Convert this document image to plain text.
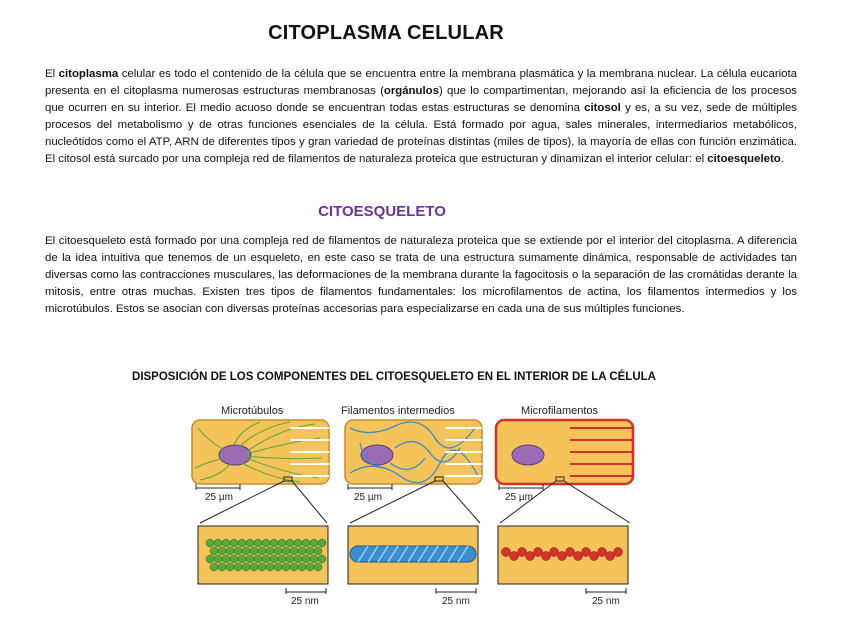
CITOPLASMA CELULAR
El citoplasma celular es todo el contenido de la célula que se encuentra entre la membrana plasmática y la membrana nuclear. La célula eucariota presenta en el citoplasma numerosas estructuras membranosas (orgánulos) que lo compartimentan, mejorando así la eficiencia de los procesos que ocurren en su interior. El medio acuoso donde se encuentran todas estas estructuras se denomina citosol y es, a su vez, sede de múltiples procesos del metabolismo y de otras funciones esenciales de la célula. Está formado por agua, sales minerales, intermediarios metabólicos, nucleótidos como el ATP, ARN de diferentes tipos y gran variedad de proteínas distintas (miles de tipos), la mayoría de ellas con función enzimática. El citosol está surcado por una compleja red de filamentos de naturaleza proteica que estructuran y dinamizan el interior celular: el citoesqueleto.
CITOESQUELETO
El citoesqueleto está formado por una compleja red de filamentos de naturaleza proteica que se extiende por el interior del citoplasma. A diferencia de la idea intuitiva que tenemos de un esqueleto, en este caso se trata de una estructura sumamente dinámica, responsable de actividades tan diversas como las contracciones musculares, las deformaciones de la membrana durante la fagocitosis o la separación de las cromátidas derante la mitosis, entre otras muchas. Existen tres tipos de filamentos fundamentales: los microfilamentos de actina, los filamentos intermedios y los microtúbulos. Estos se asocian con diversas proteínas accesorias para especializarse en cada una de sus múltiples funciones.
DISPOSICIÓN DE LOS COMPONENTES DEL CITOESQUELETO EN EL INTERIOR DE LA CÉLULA
Microtúbulos	Filamentos intermedios	Microfilamentos
25 µm	25 µm	25 µm
25 nm	25 nm	25 nm
